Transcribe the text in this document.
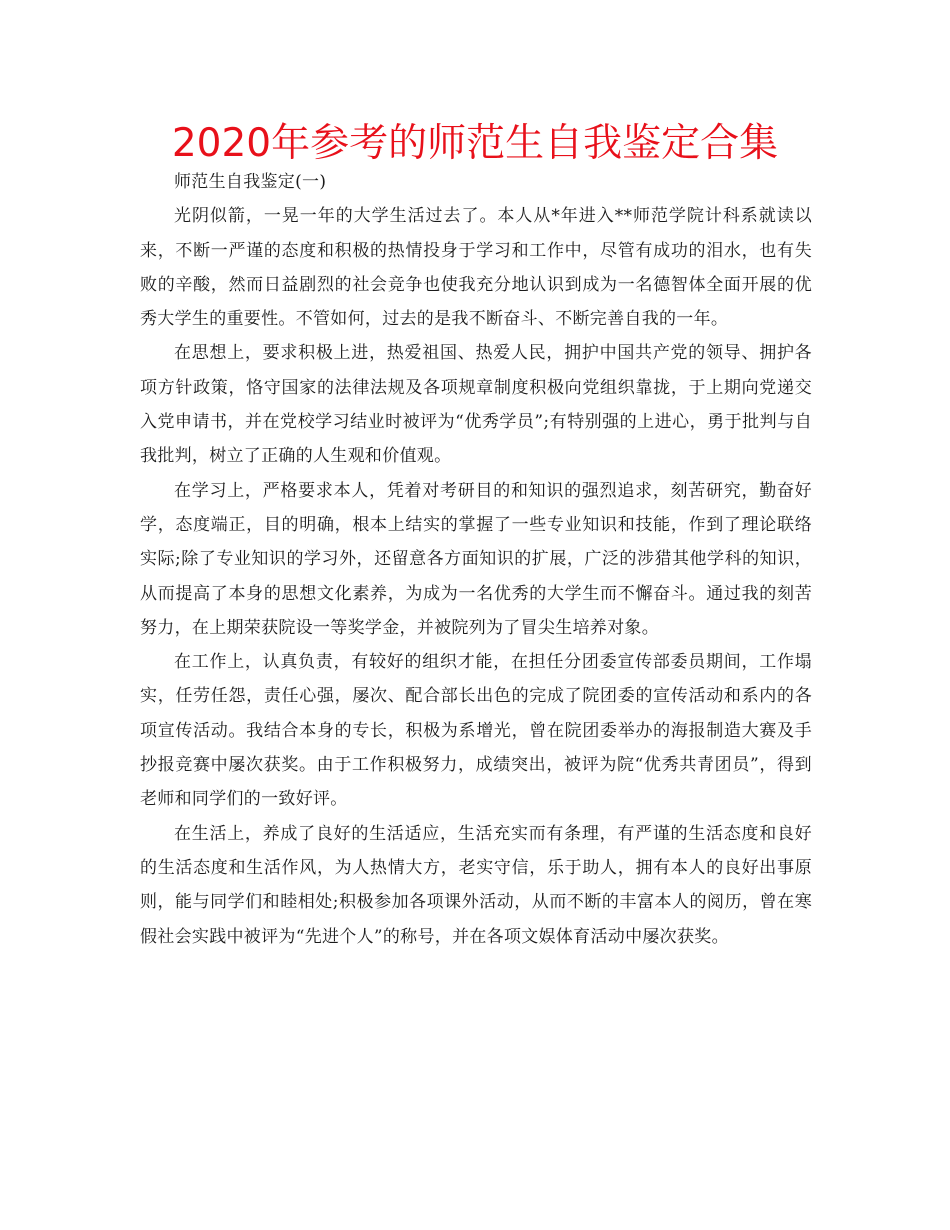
2020年参考的师范生自我鉴定合集

师范生自我鉴定(一)

光阴似箭，一晃一年的大学生活过去了。本人从*年进入**师范学院计科系就读以来，不断一严谨的态度和积极的热情投身于学习和工作中，尽管有成功的泪水，也有失败的辛酸，然而日益剧烈的社会竞争也使我充分地认识到成为一名德智体全面开展的优秀大学生的重要性。不管如何，过去的是我不断奋斗、不断完善自我的一年。

在思想上，要求积极上进，热爱祖国、热爱人民，拥护中国共产党的领导、拥护各项方针政策，恪守国家的法律法规及各项规章制度积极向党组织靠拢，于上期向党递交入党申请书，并在党校学习结业时被评为“优秀学员”;有特别强的上进心，勇于批判与自我批判，树立了正确的人生观和价值观。

在学习上，严格要求本人，凭着对考研目的和知识的强烈追求，刻苦研究，勤奋好学，态度端正，目的明确，根本上结实的掌握了一些专业知识和技能，作到了理论联络实际;除了专业知识的学习外，还留意各方面知识的扩展，广泛的涉猎其他学科的知识，从而提高了本身的思想文化素养，为成为一名优秀的大学生而不懈奋斗。通过我的刻苦努力，在上期荣获院设一等奖学金，并被院列为了冒尖生培养对象。

在工作上，认真负责，有较好的组织才能，在担任分团委宣传部委员期间，工作塌实，任劳任怨，责任心强，屡次、配合部长出色的完成了院团委的宣传活动和系内的各项宣传活动。我结合本身的专长，积极为系增光，曾在院团委举办的海报制造大赛及手抄报竞赛中屡次获奖。由于工作积极努力，成绩突出，被评为院“优秀共青团员”，得到老师和同学们的一致好评。

在生活上，养成了良好的生活适应，生活充实而有条理，有严谨的生活态度和良好的生活态度和生活作风，为人热情大方，老实守信，乐于助人，拥有本人的良好出事原则，能与同学们和睦相处;积极参加各项课外活动，从而不断的丰富本人的阅历，曾在寒假社会实践中被评为“先进个人”的称号，并在各项文娱体育活动中屡次获奖。
